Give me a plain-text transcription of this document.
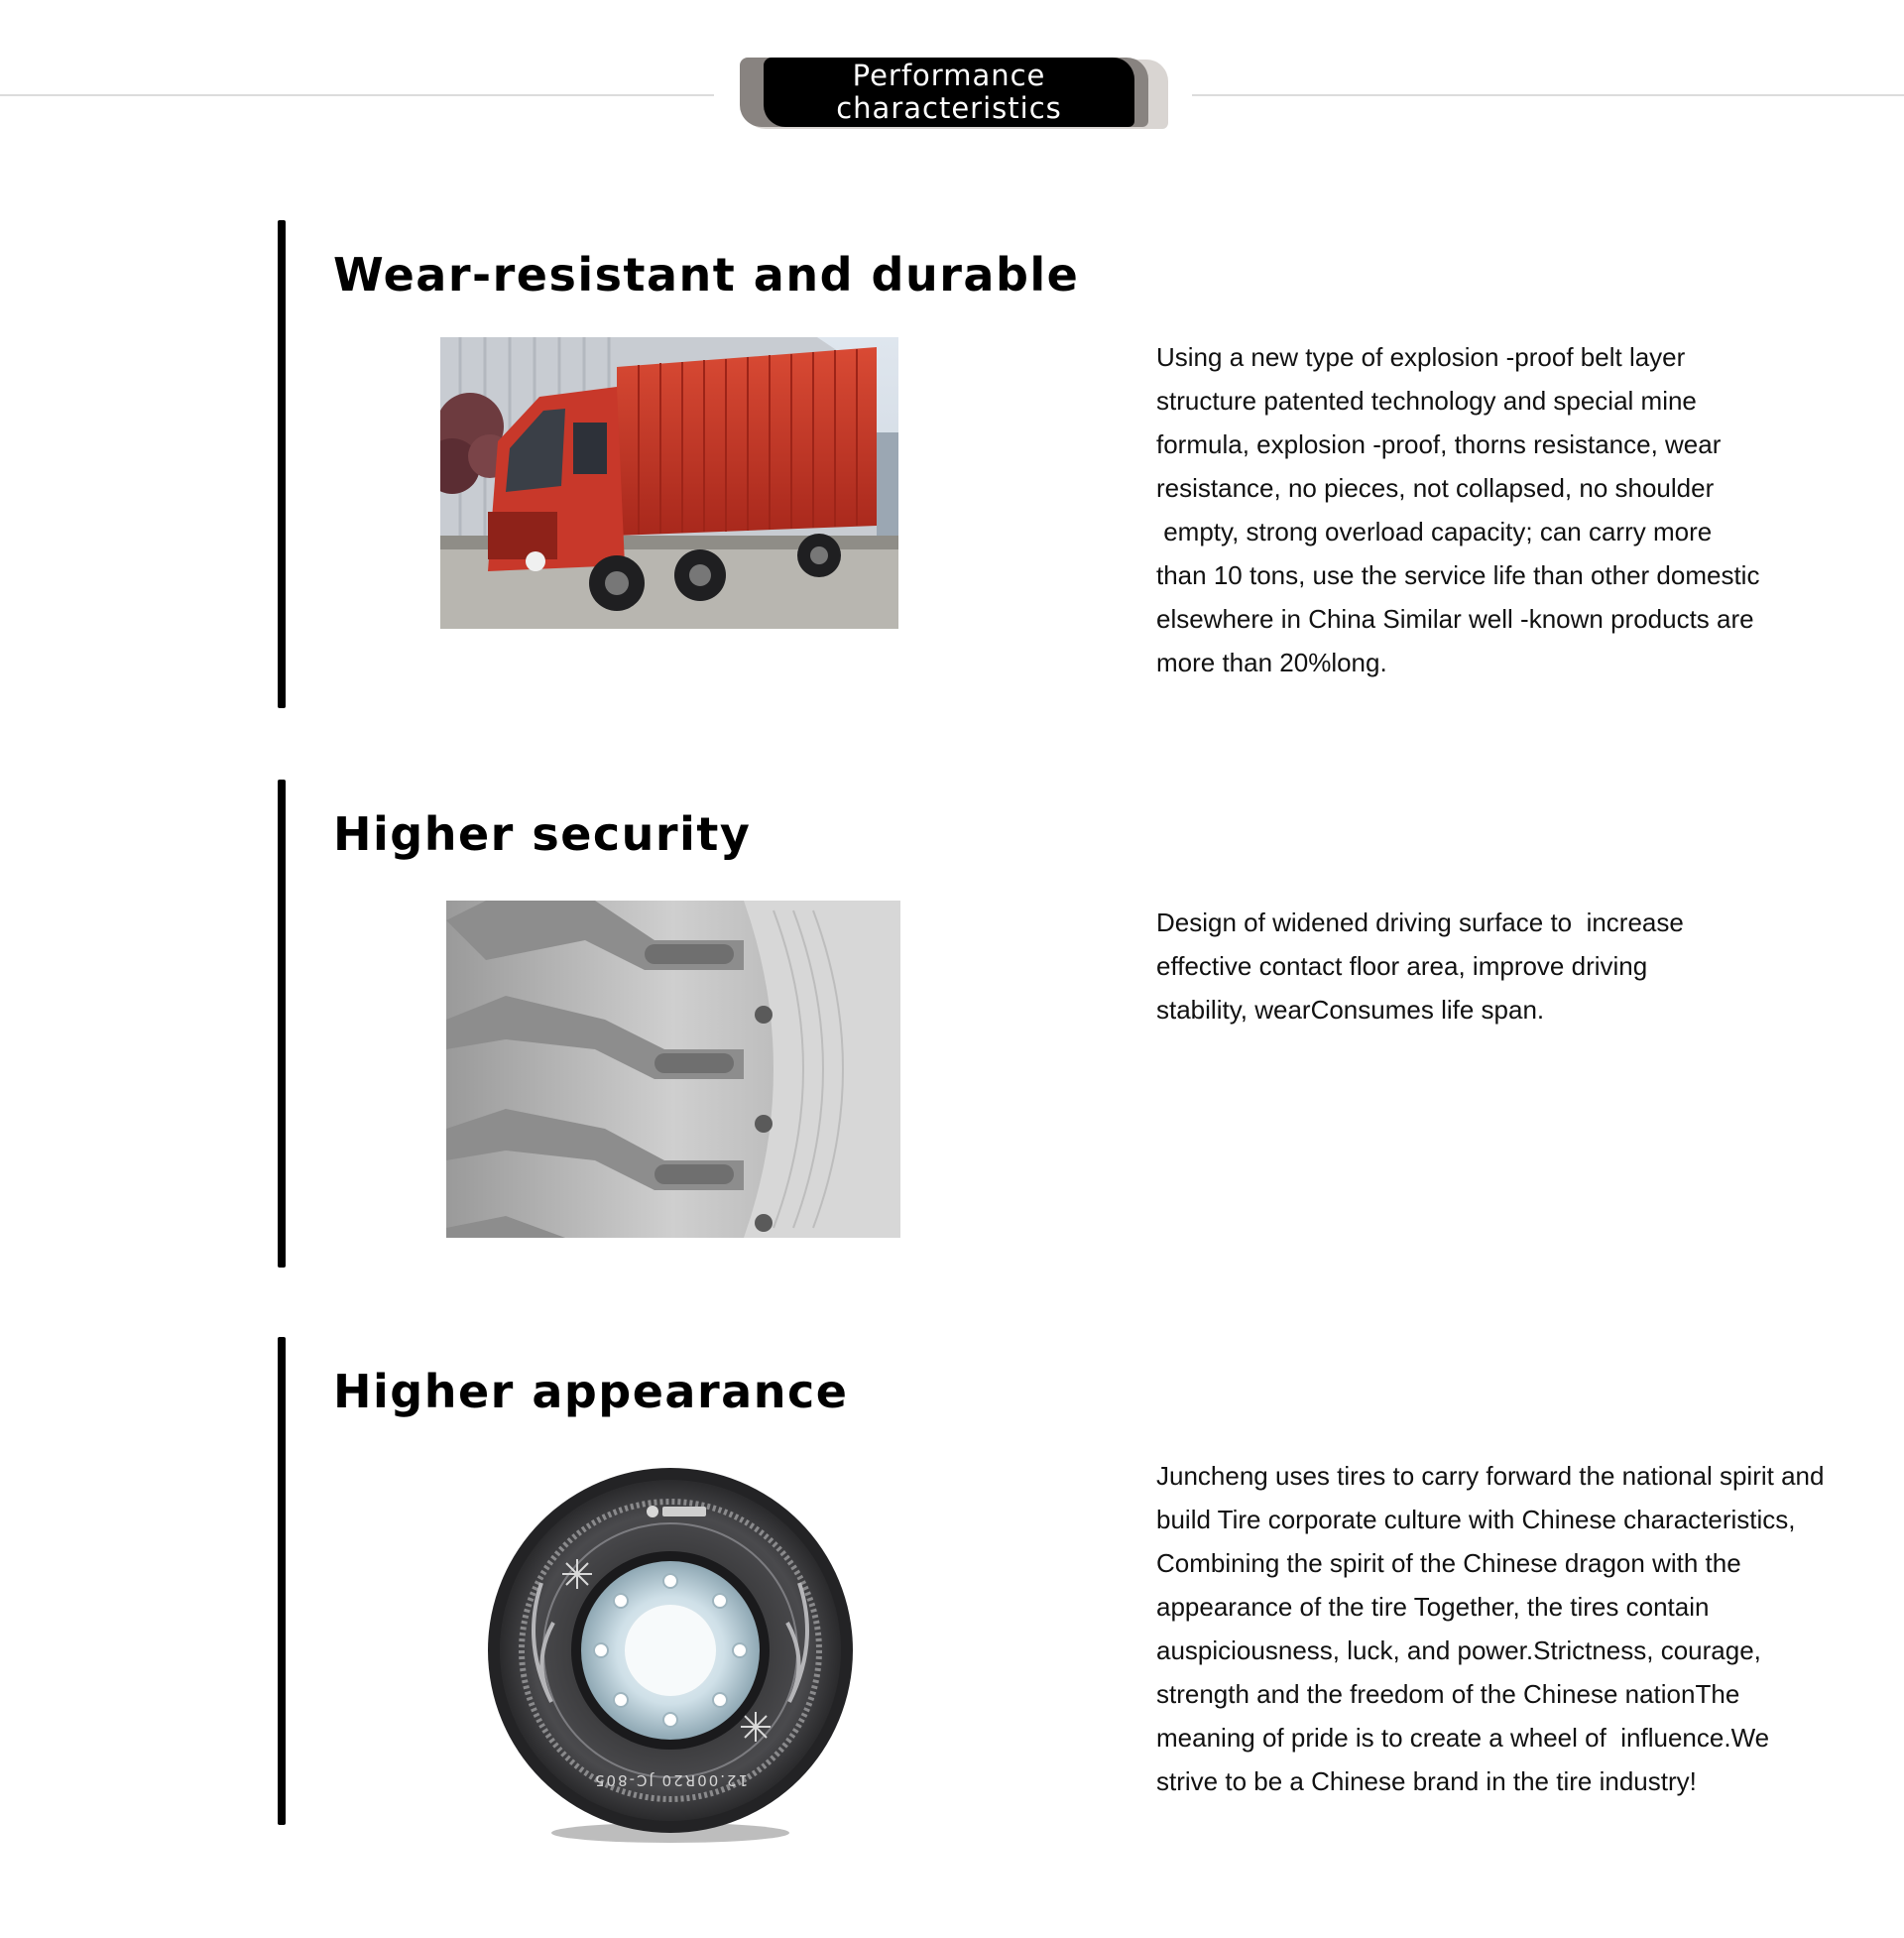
Performance
characteristics
Wear-resistant and durable
Using a new type of explosion -proof belt layer
structure patented technology and special mine
formula, explosion -proof, thorns resistance, wear
resistance, no pieces, not collapsed, no shoulder
empty, strong overload capacity; can carry more
than 10 tons, use the service life than other domestic
elsewhere in China Similar well -known products are
more than 20%long.
Higher security
Design of widened driving surface to  increase
effective contact floor area, improve driving
stability, wearConsumes life span.
Higher appearance
12.00R20 JC-805
Juncheng uses tires to carry forward the national spirit and
build Tire corporate culture with Chinese characteristics,
Combining the spirit of the Chinese dragon with the
appearance of the tire Together, the tires contain
auspiciousness, luck, and power.Strictness, courage,
strength and the freedom of the Chinese nationThe
meaning of pride is to create a wheel of  influence.We
strive to be a Chinese brand in the tire industry!
